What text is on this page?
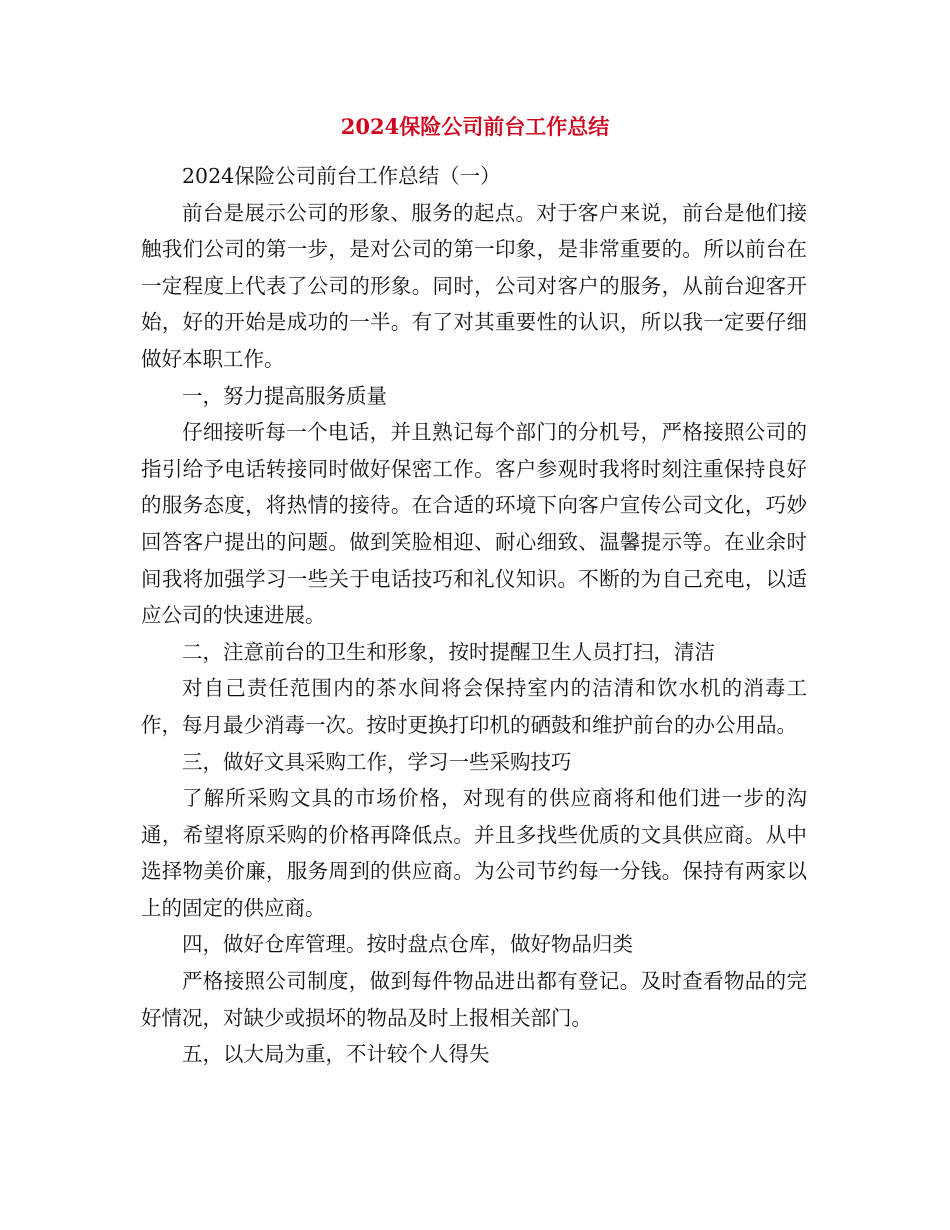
2024保险公司前台工作总结

2024保险公司前台工作总结（一）

前台是展示公司的形象、服务的起点。对于客户来说，前台是他们接触我们公司的第一步，是对公司的第一印象，是非常重要的。所以前台在一定程度上代表了公司的形象。同时，公司对客户的服务，从前台迎客开始，好的开始是成功的一半。有了对其重要性的认识，所以我一定要仔细做好本职工作。

一，努力提高服务质量

仔细接听每一个电话，并且熟记每个部门的分机号，严格接照公司的指引给予电话转接同时做好保密工作。客户参观时我将时刻注重保持良好的服务态度，将热情的接待。在合适的环境下向客户宣传公司文化，巧妙回答客户提出的问题。做到笑脸相迎、耐心细致、温馨提示等。在业余时间我将加强学习一些关于电话技巧和礼仪知识。不断的为自己充电，以适应公司的快速进展。

二，注意前台的卫生和形象，按时提醒卫生人员打扫，清洁

对自己责任范围内的茶水间将会保持室内的洁清和饮水机的消毒工作，每月最少消毒一次。按时更换打印机的硒鼓和维护前台的办公用品。

三，做好文具采购工作，学习一些采购技巧

了解所采购文具的市场价格，对现有的供应商将和他们进一步的沟通，希望将原采购的价格再降低点。并且多找些优质的文具供应商。从中选择物美价廉，服务周到的供应商。为公司节约每一分钱。保持有两家以上的固定的供应商。

四，做好仓库管理。按时盘点仓库，做好物品归类

严格接照公司制度，做到每件物品进出都有登记。及时查看物品的完好情况，对缺少或损坏的物品及时上报相关部门。

五，以大局为重，不计较个人得失
